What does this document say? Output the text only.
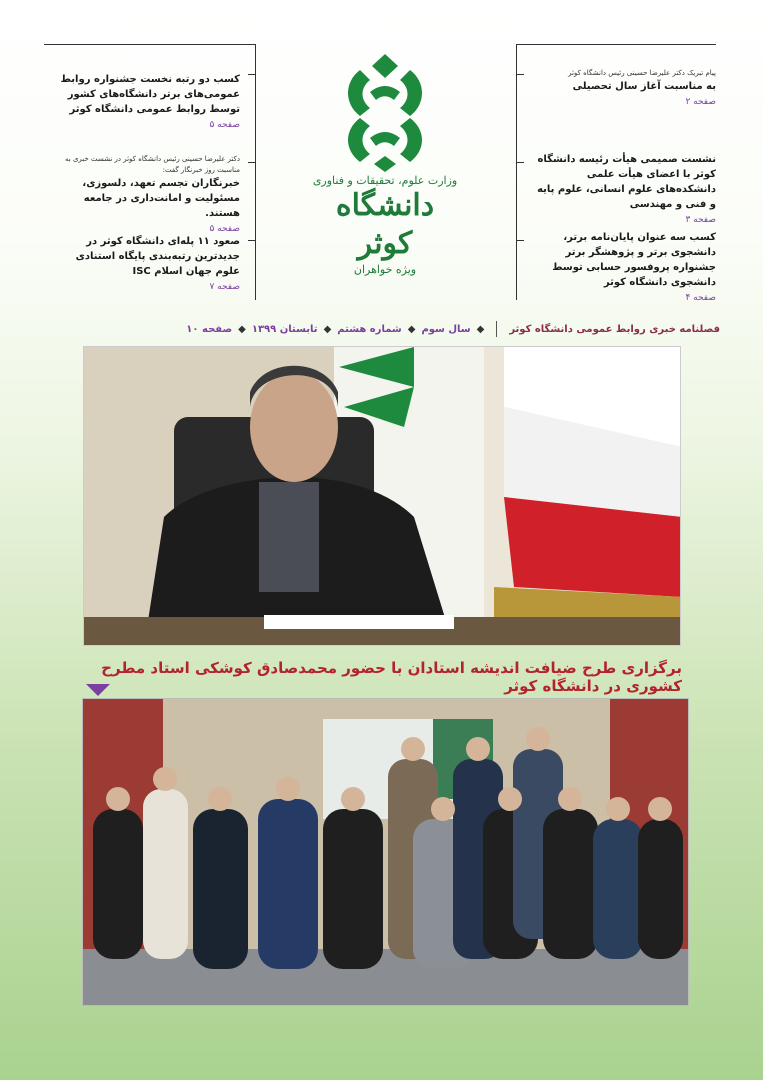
کسب دو رتبه نخست جشنواره روابط عمومی‌های برتر دانشگاه‌های کشور توسط روابط عمومی دانشگاه کوثر
صفحه ۵
دکتر علیرضا حسینی رئیس دانشگاه کوثر در نشست خبری به مناسبت روز خبرنگار گفت:
خبرنگاران تجسم تعهد، دلسوزی، مسئولیت و امانت‌داری در جامعه هستند.
صفحه ۵
صعود ۱۱ پله‌ای دانشگاه کوثر در جدیدترین رتبه‌بندی پایگاه استنادی علوم جهان اسلام ISC
صفحه ۷
پیام تبریک دکتر علیرضا حسینی رئیس دانشگاه کوثر
به مناسبت آغاز سال تحصیلی
صفحه ۲
نشست صمیمی هیأت رئیسه دانشگاه کوثر با اعضای هیأت علمی دانشکده‌های علوم انسانی، علوم پایه و فنی و مهندسی
صفحه ۳
کسب سه عنوان پایان‌نامه برتر، دانشجوی برتر و پژوهشگر برتر جشنواره پروفسور حسابی توسط دانشجوی دانشگاه کوثر
صفحه ۴
وزارت علوم، تحقیقات و فناوری
دانشگاه کوثر
ویژه خواهران
فصلنامه خبری روابط عمومی دانشگاه کوثر
◆
سال سوم
◆
شماره هشتم
◆
تابستان ۱۳۹۹
◆
۱۰ صفحه
برگزاری طرح ضیافت اندیشه استادان با حضور محمدصادق کوشکی استاد مطرح کشوری در دانشگاه کوثر
